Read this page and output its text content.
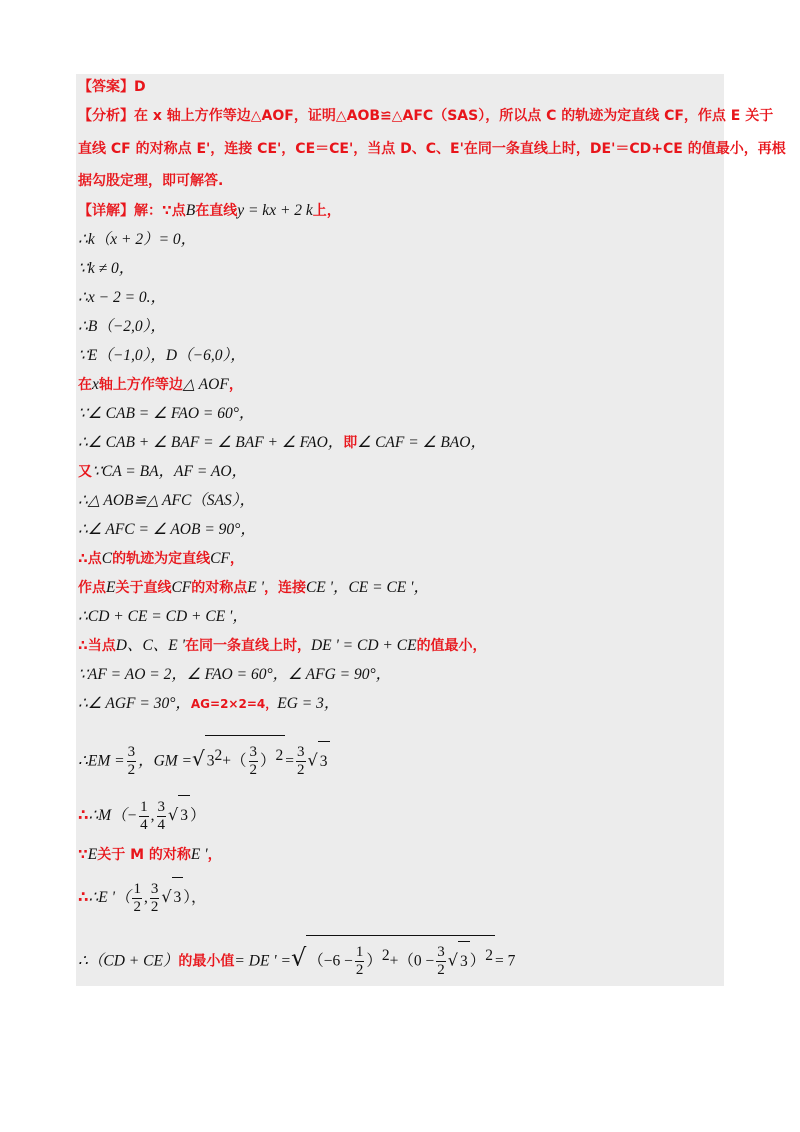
【答案】D
【分析】在 x 轴上方作等边△AOF，证明△AOB≌△AFC（SAS），所以点 C 的轨迹为定直线 CF，作点 E 关于
直线 CF 的对称点 E'，连接 CE'，CE＝CE'，当点 D、C、E'在同一条直线上时，DE'＝CD+CE 的值最小，再根
据勾股定理，即可解答.
【详解】解：∵点B在直线y = kx + 2 k上，
∴k（x + 2）= 0，
∵k ≠ 0，
∴x − 2 = 0.，
∴B（−2,0），
∵E（−1,0），D（−6,0），
在x轴上方作等边△ AOF，
∵∠ CAB = ∠ FAO = 60°，
∴∠ CAB + ∠ BAF = ∠ BAF + ∠ FAO，即∠ CAF = ∠ BAO，
又∵CA = BA，AF = AO，
∴△ AOB≌△ AFC（SAS），
∴∠ AFC = ∠ AOB = 90°，
∴点C的轨迹为定直线CF，
作点E关于直线CF的对称点E '，连接CE '，CE = CE '，
∴CD + CE = CD + CE '，
∴当点D、C、E '在同一条直线上时，DE ' = CD + CE的值最小，
∵AF = AO = 2，∠ FAO = 60°，∠ AFG = 90°，
∴∠ AGF = 30°，AG=2×2=4，EG = 3，
∴EM = $\frac{3}{2}$ ，GM =√ $3^2+( \frac{3}{2} )^2 = \frac{3}{2}$ √ 3
∴∴M（− $\frac{1}{4}$ , $\frac{3}{4}$ √ 3 ）
∵E关于 M 的对称E '，
∴∴E '（ $\frac{1}{2}$ , $\frac{3}{2}$ √ 3 ），
∴（CD + CE）的最小值= DE ' =√ $(-6 - \frac{1}{2} )^2+(0 - \frac{3}{2}$ √ 3 ）$^2$ = 7
